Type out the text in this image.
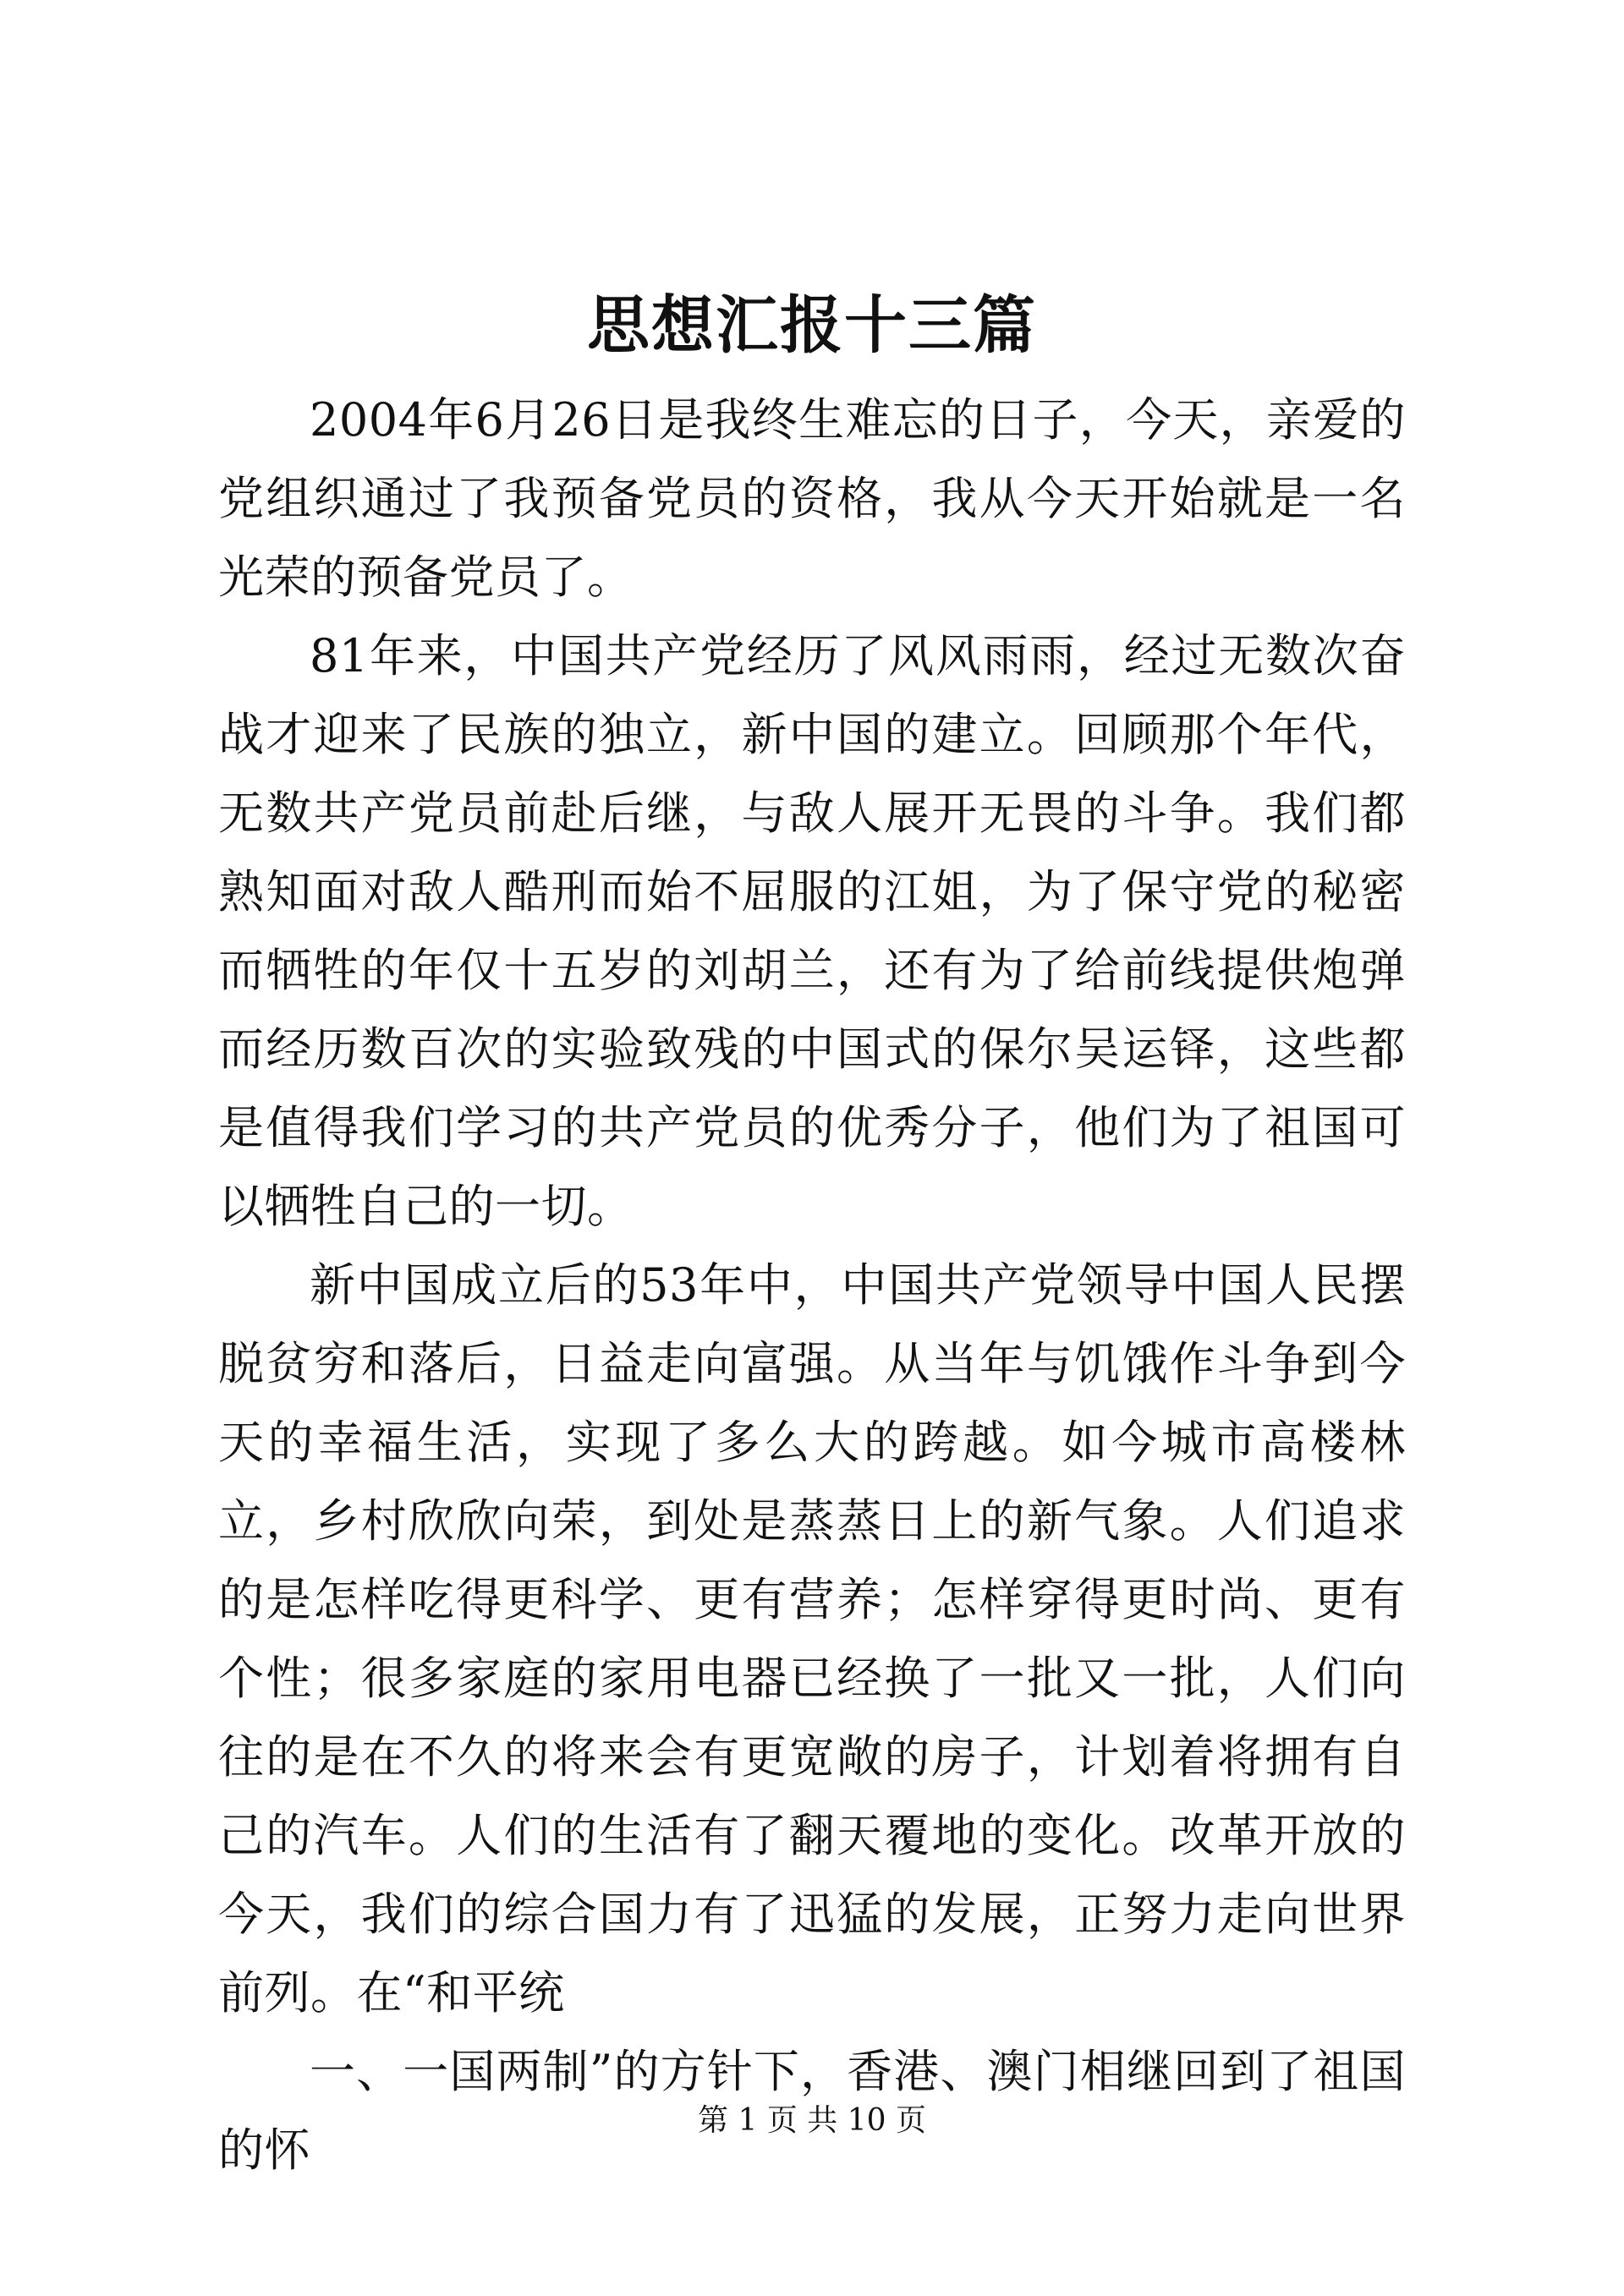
思想汇报十三篇

2004年6月26日是我终生难忘的日子，今天，亲爱的党组织通过了我预备党员的资格，我从今天开始就是一名光荣的预备党员了。

81年来，中国共产党经历了风风雨雨，经过无数次奋战才迎来了民族的独立，新中国的建立。回顾那个年代，无数共产党员前赴后继，与敌人展开无畏的斗争。我们都熟知面对敌人酷刑而始不屈服的江姐，为了保守党的秘密而牺牲的年仅十五岁的刘胡兰，还有为了给前线提供炮弹而经历数百次的实验致残的中国式的保尔吴运铎，这些都是值得我们学习的共产党员的优秀分子，他们为了祖国可以牺牲自己的一切。

新中国成立后的53年中，中国共产党领导中国人民摆脱贫穷和落后，日益走向富强。从当年与饥饿作斗争到今天的幸福生活，实现了多么大的跨越。如今城市高楼林立，乡村欣欣向荣，到处是蒸蒸日上的新气象。人们追求的是怎样吃得更科学、更有营养；怎样穿得更时尚、更有个性；很多家庭的家用电器已经换了一批又一批，人们向往的是在不久的将来会有更宽敞的房子，计划着将拥有自己的汽车。人们的生活有了翻天覆地的变化。改革开放的今天，我们的综合国力有了迅猛的发展，正努力走向世界前列。在“和平统

一、一国两制”的方针下，香港、澳门相继回到了祖国的怀

第 1 页 共 10 页
